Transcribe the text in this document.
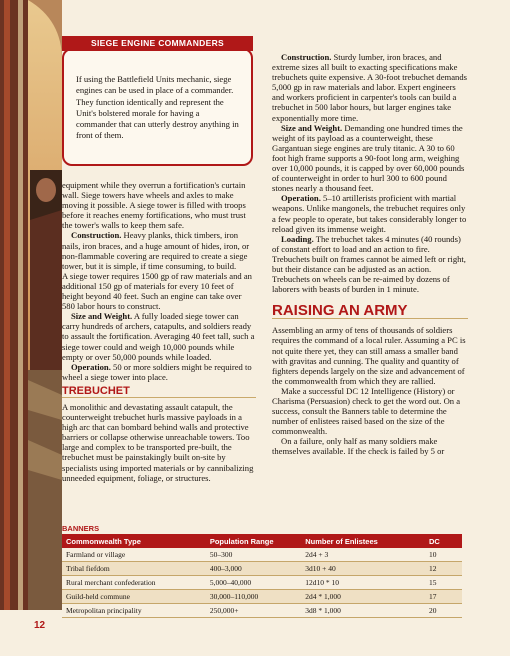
If using the Battlefield Units mechanic, siege engines can be used in place of a commander. They function identically and represent the Unit's bolstered morale for having a commander that can utterly destroy anything in front of them.
SIEGE ENGINE COMMANDERS

equipment while they overrun a fortification's curtain wall. Siege towers have wheels and axles to make moving it possible. A siege tower is filled with troops before it reaches enemy fortifications, who must trust the tower's walls to keep them safe.

Construction. Heavy planks, thick timbers, iron nails, iron braces, and a huge amount of hides, iron, or non-flammable covering are required to create a siege tower, but it is simple, if time consuming, to build.

A siege tower requires 1500 gp of raw materials and an additional 150 gp of materials for every 10 feet of height beyond 40 feet. Such an engine can take over 580 labor hours to construct.

Size and Weight. A fully loaded siege tower can carry hundreds of archers, catapults, and soldiers ready to assault the fortification. Averaging 40 feet tall, such a siege tower could and weigh 10,000 pounds while empty or over 50,000 pounds while loaded.

Operation. 50 or more soldiers might be required to wheel a siege tower into place.

TREBUCHET

A monolithic and devastating assault catapult, the counterweight trebuchet hurls massive payloads in a high arc that can bombard behind walls and protective barriers or collapse otherwise unreachable towers. Too large and complex to be transported pre-built, the trebuchet must be painstakingly built on-site by specialists using imported materials or by cannibalizing unneeded equipment, foliage, or structures.

Construction. Sturdy lumber, iron braces, and extreme sizes all built to exacting specifications make trebuchets quite expensive. A 30-foot trebuchet demands 5,000 gp in raw materials and labor. Expert engineers and workers proficient in carpenter's tools can build a trebuchet in 500 labor hours, but larger engines take exponentially more time.

Size and Weight. Demanding one hundred times the weight of its payload as a counterweight, these Gargantuan siege engines are truly titanic. A 30 to 60 foot high frame supports a 90-foot long arm, weighing over 10,000 pounds, it is capped by over 60,000 pounds of counterweight in order to hurl 300 to 600 pound stones nearly a thousand feet.

Operation. 5–10 artillerists proficient with martial weapons. Unlike mangonels, the trebuchet requires only a few people to operate, but takes considerably longer to reload given its immense weight.

Loading. The trebuchet takes 4 minutes (40 rounds) of constant effort to load and an action to fire. Trebuchets built on frames cannot be aimed left or right, but their distance can be adjusted as an action. Trebuchets on wheels can be re-aimed by dozens of laborers with beasts of burden in 1 minute.

RAISING AN ARMY

Assembling an army of tens of thousands of soldiers requires the command of a local ruler. Assuming a PC is not quite there yet, they can still amass a smaller band with gravitas and cunning. The quality and quantity of fighters depends largely on the size and advancement of the commonwealth from which they are rallied.

Make a successful DC 12 Intelligence (History) or Charisma (Persuasion) check to get the word out. On a success, consult the Banners table to determine the number of enlistees raised based on the size of the commonwealth.

On a failure, only half as many soldiers make themselves available. If the check is failed by 5 or

BANNERS
Commonwealth Type	Population Range	Number of Enlistees	DC
Farmland or village	50–300	2d4 + 3	10
Tribal fiefdom	400–3,000	3d10 + 40	12
Rural merchant confederation	5,000–40,000	12d10 * 10	15
Guild-held commune	30,000–110,000	2d4 * 1,000	17
Metropolitan principality	250,000+	3d8 * 1,000	20
12
